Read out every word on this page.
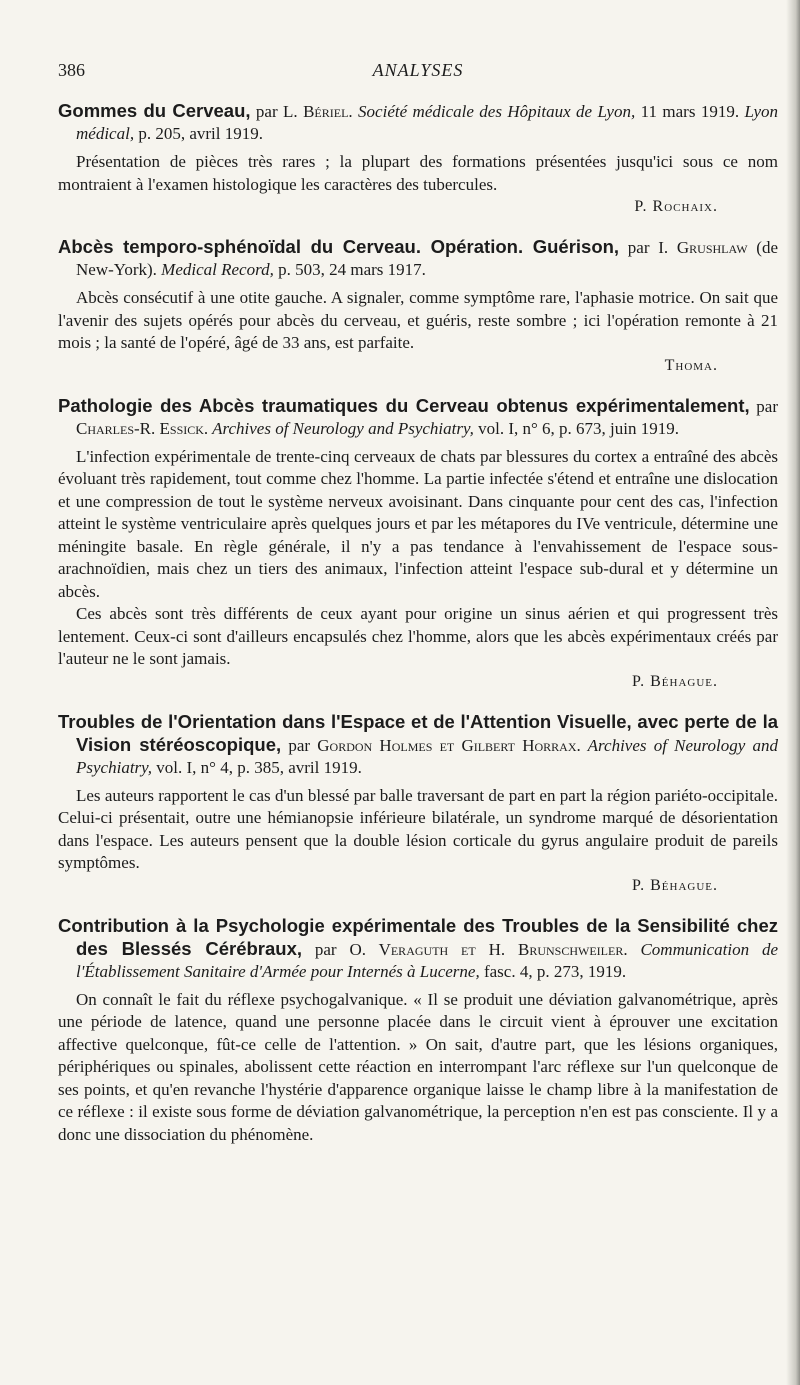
386	ANALYSES

Gommes du Cerveau, par L. Bériel. Société médicale des Hôpitaux de Lyon, 11 mars 1919. Lyon médical, p. 205, avril 1919.

Présentation de pièces très rares ; la plupart des formations présentées jusqu'ici sous ce nom montraient à l'examen histologique les caractères des tubercules.

P. Rochaix.

Abcès temporo-sphénoïdal du Cerveau. Opération. Guérison, par I. Grushlaw (de New-York). Medical Record, p. 503, 24 mars 1917.

Abcès consécutif à une otite gauche. A signaler, comme symptôme rare, l'aphasie motrice. On sait que l'avenir des sujets opérés pour abcès du cerveau, et guéris, reste sombre ; ici l'opération remonte à 21 mois ; la santé de l'opéré, âgé de 33 ans, est parfaite.

Thoma.

Pathologie des Abcès traumatiques du Cerveau obtenus expérimentalement, par Charles-R. Essick. Archives of Neurology and Psychiatry, vol. I, n° 6, p. 673, juin 1919.

L'infection expérimentale de trente-cinq cerveaux de chats par blessures du cortex a entraîné des abcès évoluant très rapidement, tout comme chez l'homme. La partie infectée s'étend et entraîne une dislocation et une compression de tout le système nerveux avoisinant. Dans cinquante pour cent des cas, l'infection atteint le système ventriculaire après quelques jours et par les métapores du IVe ventricule, détermine une méningite basale. En règle générale, il n'y a pas tendance à l'envahissement de l'espace sous-arachnoïdien, mais chez un tiers des animaux, l'infection atteint l'espace sub-dural et y détermine un abcès.

Ces abcès sont très différents de ceux ayant pour origine un sinus aérien et qui progressent très lentement. Ceux-ci sont d'ailleurs encapsulés chez l'homme, alors que les abcès expérimentaux créés par l'auteur ne le sont jamais.

P. Béhague.

Troubles de l'Orientation dans l'Espace et de l'Attention Visuelle, avec perte de la Vision stéréoscopique, par Gordon Holmes et Gilbert Horrax. Archives of Neurology and Psychiatry, vol. I, n° 4, p. 385, avril 1919.

Les auteurs rapportent le cas d'un blessé par balle traversant de part en part la région pariéto-occipitale. Celui-ci présentait, outre une hémianopsie inférieure bilatérale, un syndrome marqué de désorientation dans l'espace. Les auteurs pensent que la double lésion corticale du gyrus angulaire produit de pareils symptômes.

P. Béhague.

Contribution à la Psychologie expérimentale des Troubles de la Sensibilité chez des Blessés Cérébraux, par O. Veraguth et H. Brunschweiler. Communication de l'Établissement Sanitaire d'Armée pour Internés à Lucerne, fasc. 4, p. 273, 1919.

On connaît le fait du réflexe psychogalvanique. « Il se produit une déviation galvanométrique, après une période de latence, quand une personne placée dans le circuit vient à éprouver une excitation affective quelconque, fût-ce celle de l'attention. » On sait, d'autre part, que les lésions organiques, périphériques ou spinales, abolissent cette réaction en interrompant l'arc réflexe sur l'un quelconque de ses points, et qu'en revanche l'hystérie d'apparence organique laisse le champ libre à la manifestation de ce réflexe : il existe sous forme de déviation galvanométrique, la perception n'en est pas consciente. Il y a donc une dissociation du phénomène.
